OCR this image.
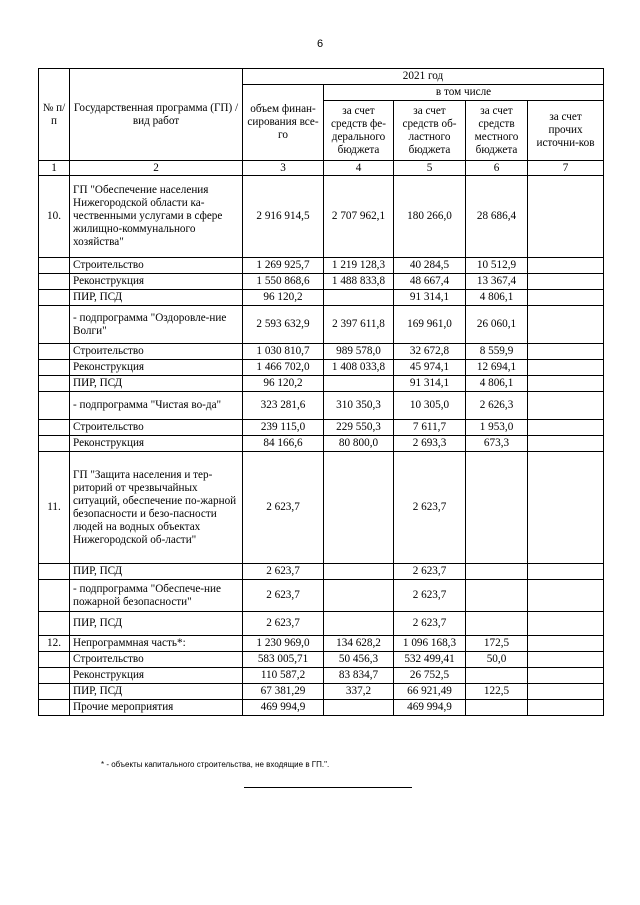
6
№ п/п	Государственная программа (ГП) / вид работ	2021 год				
		объем финан-сирования все-го	в том числе			
			за счет средств фе-дерального бюджета	за счет средств об-ластного бюджета	за счет средств местного бюджета	за счет прочих источни-ков
1	2	3	4	5	6	7
10.	ГП "Обеспечение населения Нижегородской области ка-чественными услугами в сфере жилищно-коммунального хозяйства"	2 916 914,5	2 707 962,1	180 266,0	28 686,4	
	Строительство	1 269 925,7	1 219 128,3	40 284,5	10 512,9	
	Реконструкция	1 550 868,6	1 488 833,8	48 667,4	13 367,4	
	ПИР, ПСД	96 120,2		91 314,1	4 806,1	
	- подпрограмма "Оздоровле-ние Волги"	2 593 632,9	2 397 611,8	169 961,0	26 060,1	
	Строительство	1 030 810,7	989 578,0	32 672,8	8 559,9	
	Реконструкция	1 466 702,0	1 408 033,8	45 974,1	12 694,1	
	ПИР, ПСД	96 120,2		91 314,1	4 806,1	
	- подпрограмма "Чистая во-да"	323 281,6	310 350,3	10 305,0	2 626,3	
	Строительство	239 115,0	229 550,3	7 611,7	1 953,0	
	Реконструкция	84 166,6	80 800,0	2 693,3	673,3	
11.	ГП "Защита населения и тер-риторий от чрезвычайных ситуаций, обеспечение по-жарной безопасности и безо-пасности людей на водных объектах Нижегородской об-ласти"	2 623,7		2 623,7		
	ПИР, ПСД	2 623,7		2 623,7		
	- подпрограмма "Обеспече-ние пожарной безопасности"	2 623,7		2 623,7		
	ПИР, ПСД	2 623,7		2 623,7		
12.	Непрограммная часть*:	1 230 969,0	134 628,2	1 096 168,3	172,5	
	Строительство	583 005,71	50 456,3	532 499,41	50,0	
	Реконструкция	110 587,2	83 834,7	26 752,5		
	ПИР, ПСД	67 381,29	337,2	66 921,49	122,5	
	Прочие мероприятия	469 994,9		469 994,9		
* - объекты капитального строительства, не входящие в ГП.".
